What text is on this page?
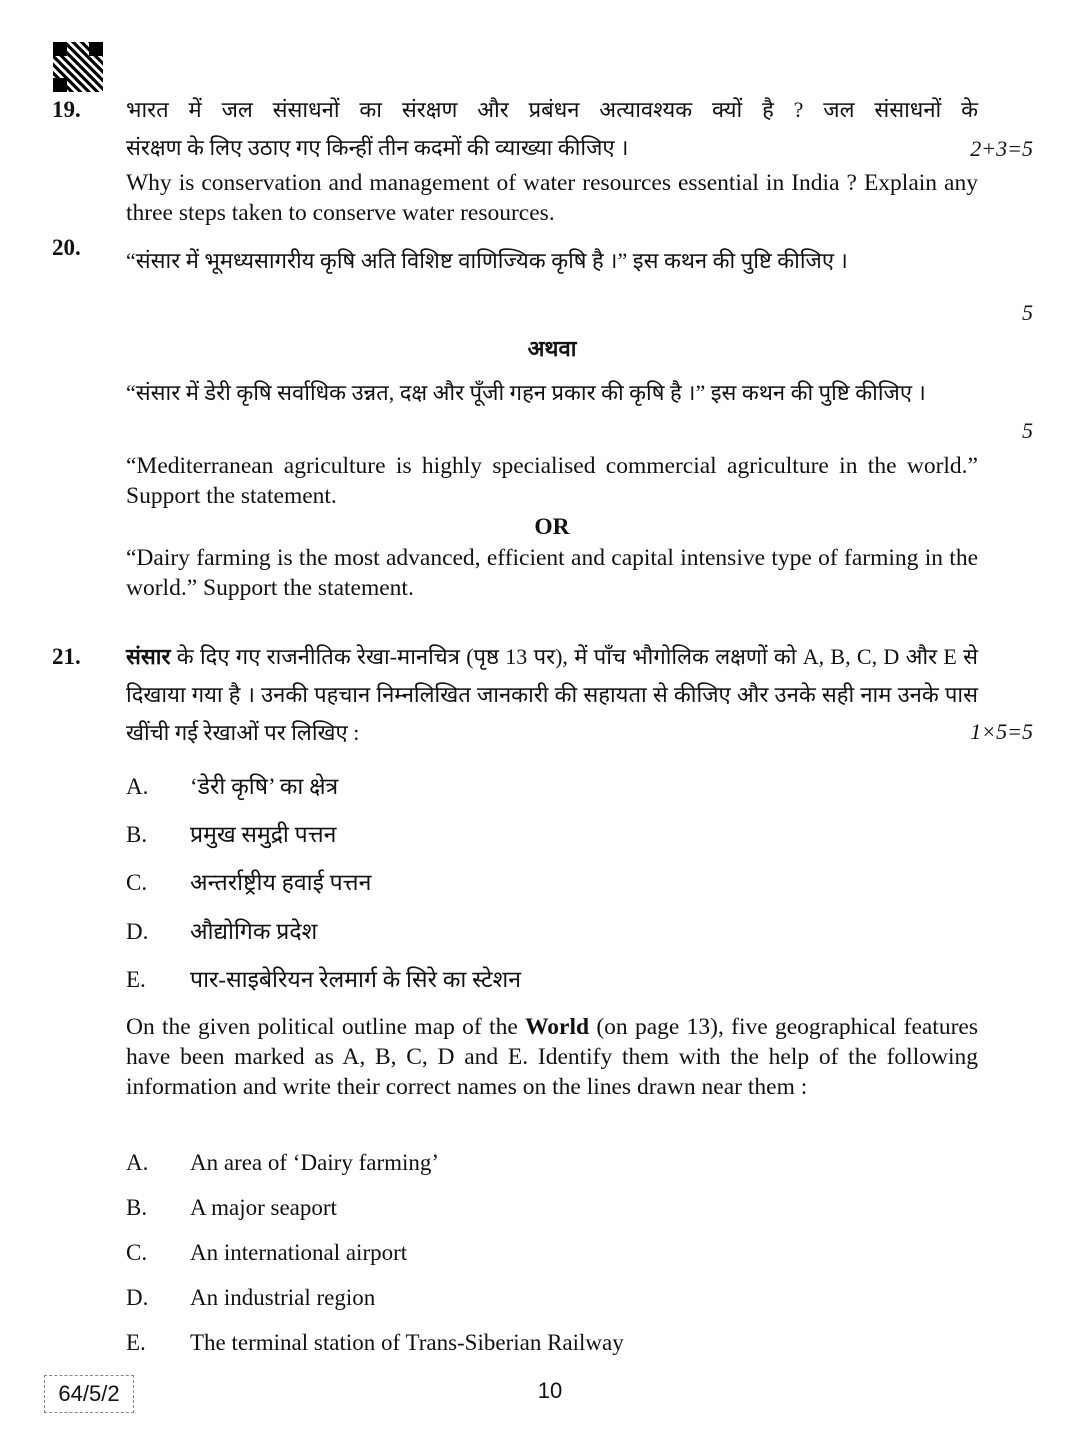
19. भारत में जल संसाधनों का संरक्षण और प्रबंधन अत्यावश्यक क्यों है ? जल संसाधनों के
संरक्षण के लिए उठाए गए किन्हीं तीन कदमों की व्याख्या कीजिए ।	2+3=5
Why is conservation and management of water resources essential in India ? Explain any three steps taken to conserve water resources.
20.
“संसार में भूमध्यसागरीय कृषि अति विशिष्ट वाणिज्यिक कृषि है ।” इस कथन की पुष्टि कीजिए ।
5
अथवा
“संसार में डेरी कृषि सर्वाधिक उन्नत, दक्ष और पूँजी गहन प्रकार की कृषि है ।” इस कथन की पुष्टि कीजिए ।
5
“Mediterranean agriculture is highly specialised commercial agriculture in the world.” Support the statement.
OR
“Dairy farming is the most advanced, efficient and capital intensive type of farming in the world.” Support the statement.
21. संसार के दिए गए राजनीतिक रेखा-मानचित्र (पृष्ठ 13 पर), में पाँच भौगोलिक लक्षणों को A, B, C, D और E से दिखाया गया है । उनकी पहचान निम्नलिखित जानकारी की सहायता से कीजिए और उनके सही नाम उनके पास खींची गई रेखाओं पर लिखिए :	1×5=5
A. ‘डेरी कृषि’ का क्षेत्र
B. प्रमुख समुद्री पत्तन
C. अन्तर्राष्ट्रीय हवाई पत्तन
D. औद्योगिक प्रदेश
E. पार-साइबेरियन रेलमार्ग के सिरे का स्टेशन
On the given political outline map of the World (on page 13), five geographical features have been marked as A, B, C, D and E. Identify them with the help of the following information and write their correct names on the lines drawn near them :
A. An area of ‘Dairy farming’
B. A major seaport
C. An international airport
D. An industrial region
E. The terminal station of Trans-Siberian Railway
64/5/2	10
